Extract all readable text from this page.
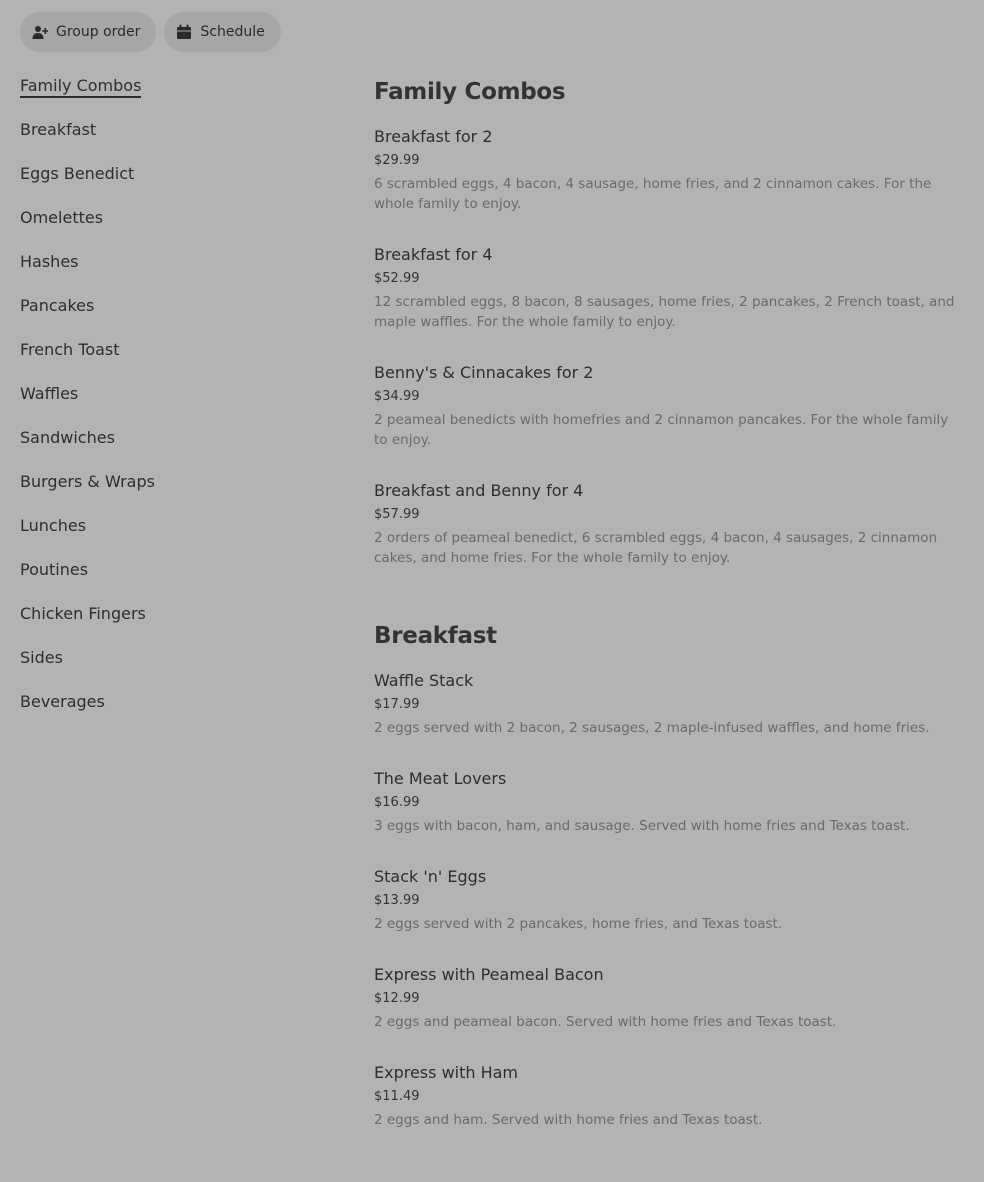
Group order	Schedule
Family Combos
Breakfast
Eggs Benedict
Omelettes
Hashes
Pancakes
French Toast
Waffles
Sandwiches
Burgers & Wraps
Lunches
Poutines
Chicken Fingers
Sides
Beverages
Family Combos
Breakfast for 2
$29.99
6 scrambled eggs, 4 bacon, 4 sausage, home fries, and 2 cinnamon cakes. For the whole family to enjoy.
Breakfast for 4
$52.99
12 scrambled eggs, 8 bacon, 8 sausages, home fries, 2 pancakes, 2 French toast, and maple waffles. For the whole family to enjoy.
Benny's & Cinnacakes for 2
$34.99
2 peameal benedicts with homefries and 2 cinnamon pancakes. For the whole family to enjoy.
Breakfast and Benny for 4
$57.99
2 orders of peameal benedict, 6 scrambled eggs, 4 bacon, 4 sausages, 2 cinnamon cakes, and home fries. For the whole family to enjoy.
Breakfast
Waffle Stack
$17.99
2 eggs served with 2 bacon, 2 sausages, 2 maple-infused waffles, and home fries.
The Meat Lovers
$16.99
3 eggs with bacon, ham, and sausage. Served with home fries and Texas toast.
Stack 'n' Eggs
$13.99
2 eggs served with 2 pancakes, home fries, and Texas toast.
Express with Peameal Bacon
$12.99
2 eggs and peameal bacon. Served with home fries and Texas toast.
Express with Ham
$11.49
2 eggs and ham. Served with home fries and Texas toast.
